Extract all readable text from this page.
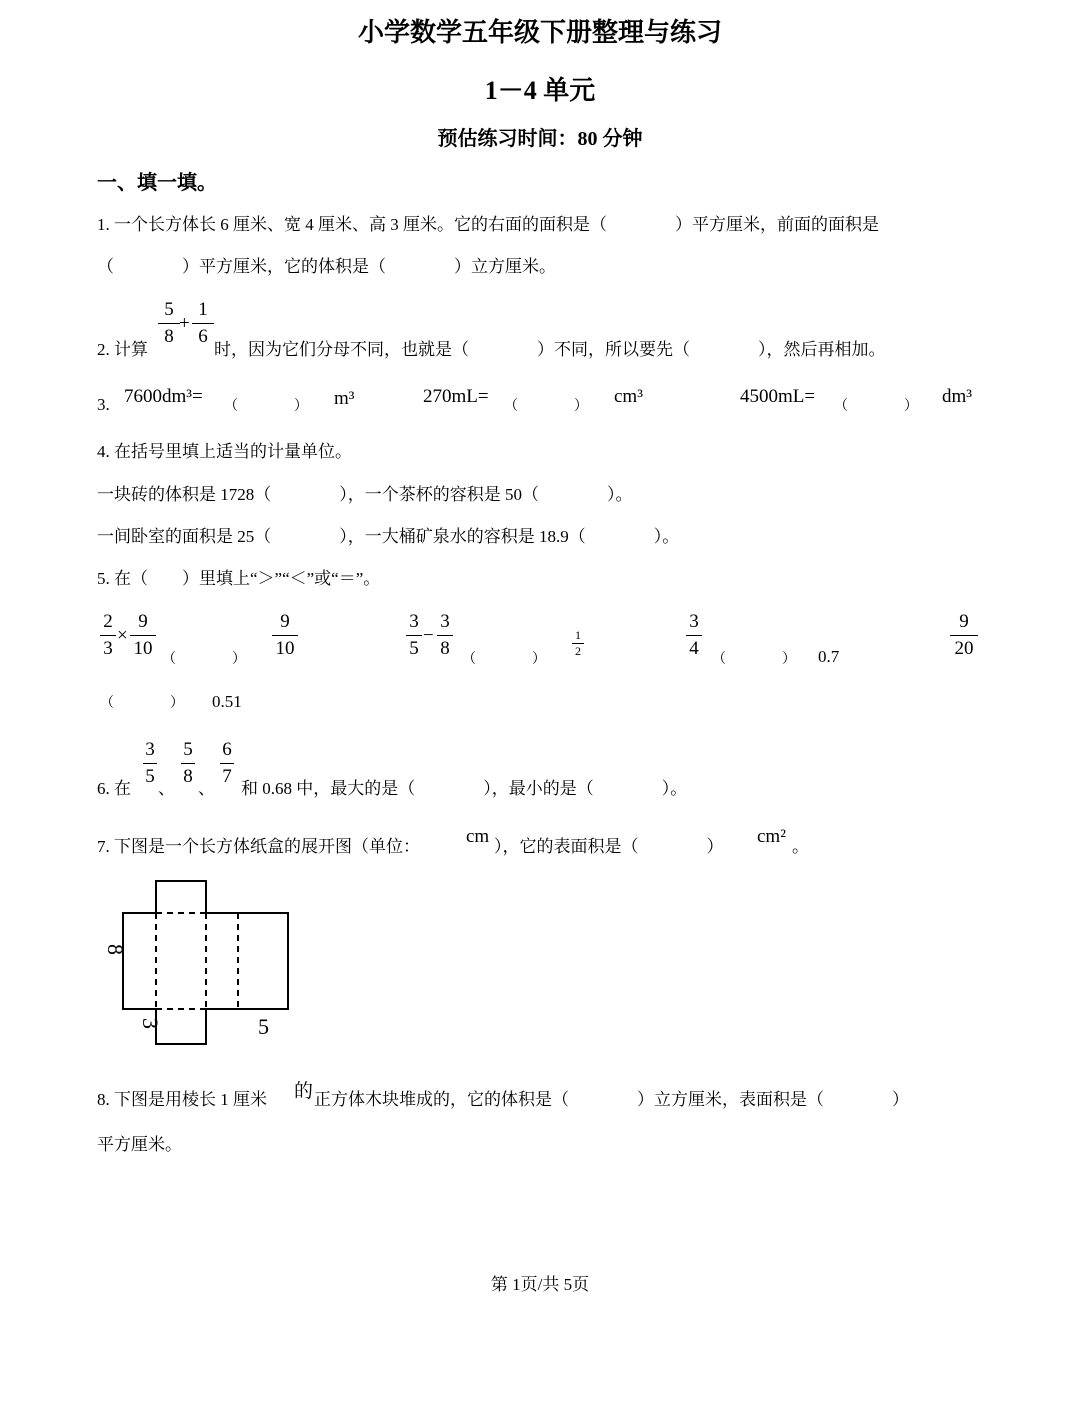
小学数学五年级下册整理与练习
1－4 单元
预估练习时间：80 分钟
一、填一填。
1. 一个长方体长 6 厘米、宽 4 厘米、高 3 厘米。它的右面的面积是（　　　　）平方厘米，前面的面积是
（　　　　）平方厘米，它的体积是（　　　　）立方厘米。
2. 计算
5
8
+
1
6
时，因为它们分母不同，也就是（　　　　）不同，所以要先（　　　　），然后再相加。
3. 7600dm³= （　　　　） m³	270mL= （　　　　） cm³	4500mL= （　　　　） dm³
4. 在括号里填上适当的计量单位。
一块砖的体积是 1728（　　　　），一个茶杯的容积是 50（　　　　）。
一间卧室的面积是 25（　　　　），一大桶矿泉水的容积是 18.9（　　　　）。
5. 在（　　）里填上“＞”“＜”或“＝”。
2
3
×
9
10
（　　　　）
9
10
3
5
−
3
8
（　　　　）
1
2
3
4
（　　　　） 0.7
9
20
（　　　　） 0.51
6. 在
3
5
、
5
8
、
6
7
和 0.68 中，最大的是（　　　　），最小的是（　　　　）。
7. 下图是一个长方体纸盒的展开图（单位： cm ），它的表面积是（　　　　） cm² 。
8
3	5
8. 下图是用棱长 1 厘米 的 正方体木块堆成的，它的体积是（　　　　）立方厘米，表面积是（　　　　）
平方厘米。
第 1页/共 5页
